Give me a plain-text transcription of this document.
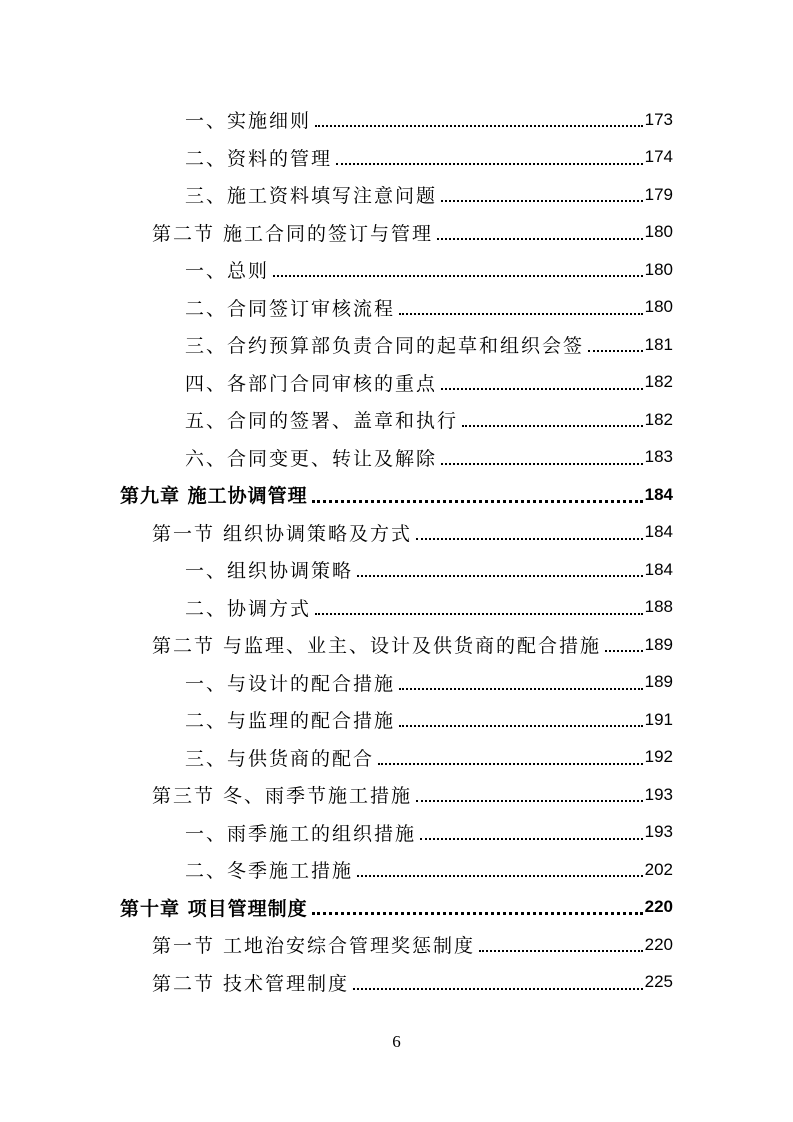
一、实施细则	173
二、资料的管理	174
三、施工资料填写注意问题	179
第二节 施工合同的签订与管理	180
一、总则	180
二、合同签订审核流程	180
三、合约预算部负责合同的起草和组织会签	181
四、各部门合同审核的重点	182
五、合同的签署、盖章和执行	182
六、合同变更、转让及解除	183
第九章 施工协调管理	184
第一节 组织协调策略及方式	184
一、组织协调策略	184
二、协调方式	188
第二节 与监理、业主、设计及供货商的配合措施	189
一、与设计的配合措施	189
二、与监理的配合措施	191
三、与供货商的配合	192
第三节 冬、雨季节施工措施	193
一、雨季施工的组织措施	193
二、冬季施工措施	202
第十章 项目管理制度	220
第一节 工地治安综合管理奖惩制度	220
第二节 技术管理制度	225
6
